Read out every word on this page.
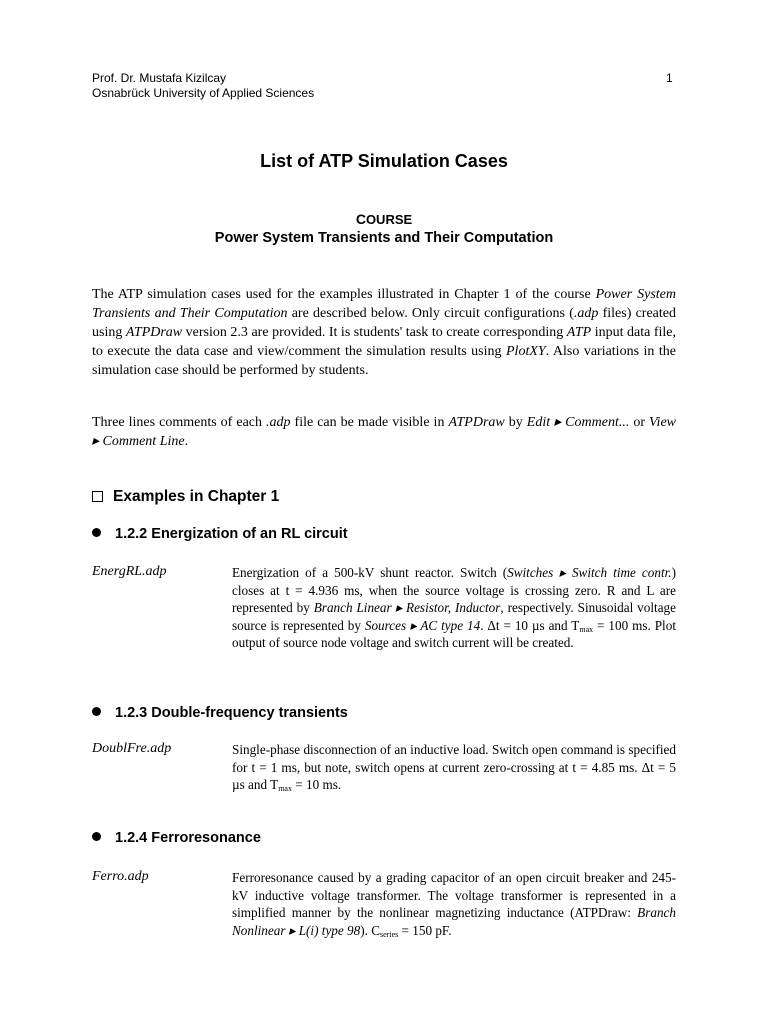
Prof. Dr. Mustafa Kizilcay
Osnabrück University of Applied Sciences
1
List of ATP Simulation Cases
COURSE
Power System Transients and Their Computation
The ATP simulation cases used for the examples illustrated in Chapter 1 of the course Power System Transients and Their Computation are described below. Only circuit configurations (.adp files) created using ATPDraw version 2.3 are provided. It is students' task to create corresponding ATP input data file, to execute the data case and view/comment the simulation results using PlotXY. Also variations in the simulation case should be performed by students.
Three lines comments of each .adp file can be made visible in ATPDraw by Edit ▸ Comment... or View ▸ Comment Line.
Examples in Chapter 1
1.2.2 Energization of an RL circuit
EnergRL.adp	Energization of a 500-kV shunt reactor. Switch (Switches ▸ Switch time contr.) closes at t = 4.936 ms, when the source voltage is crossing zero. R and L are represented by Branch Linear ▸ Resistor, Inductor, respectively. Sinusoidal voltage source is represented by Sources ▸ AC type 14. Δt = 10 µs and $T_{max} = 100$ ms. Plot output of source node voltage and switch current will be created.
1.2.3 Double-frequency transients
DoublFre.adp	Single-phase disconnection of an inductive load. Switch open command is specified for t = 1 ms, but note, switch opens at current zero-crossing at t = 4.85 ms. Δt = 5 µs and $T_{max} = 10$ ms.
1.2.4 Ferroresonance
Ferro.adp	Ferroresonance caused by a grading capacitor of an open circuit breaker and 245-kV inductive voltage transformer. The voltage transformer is represented in a simplified manner by the nonlinear magnetizing inductance (ATPDraw: Branch Nonlinear ▸ L(i) type 98). $C_{series} = 150$ pF.
